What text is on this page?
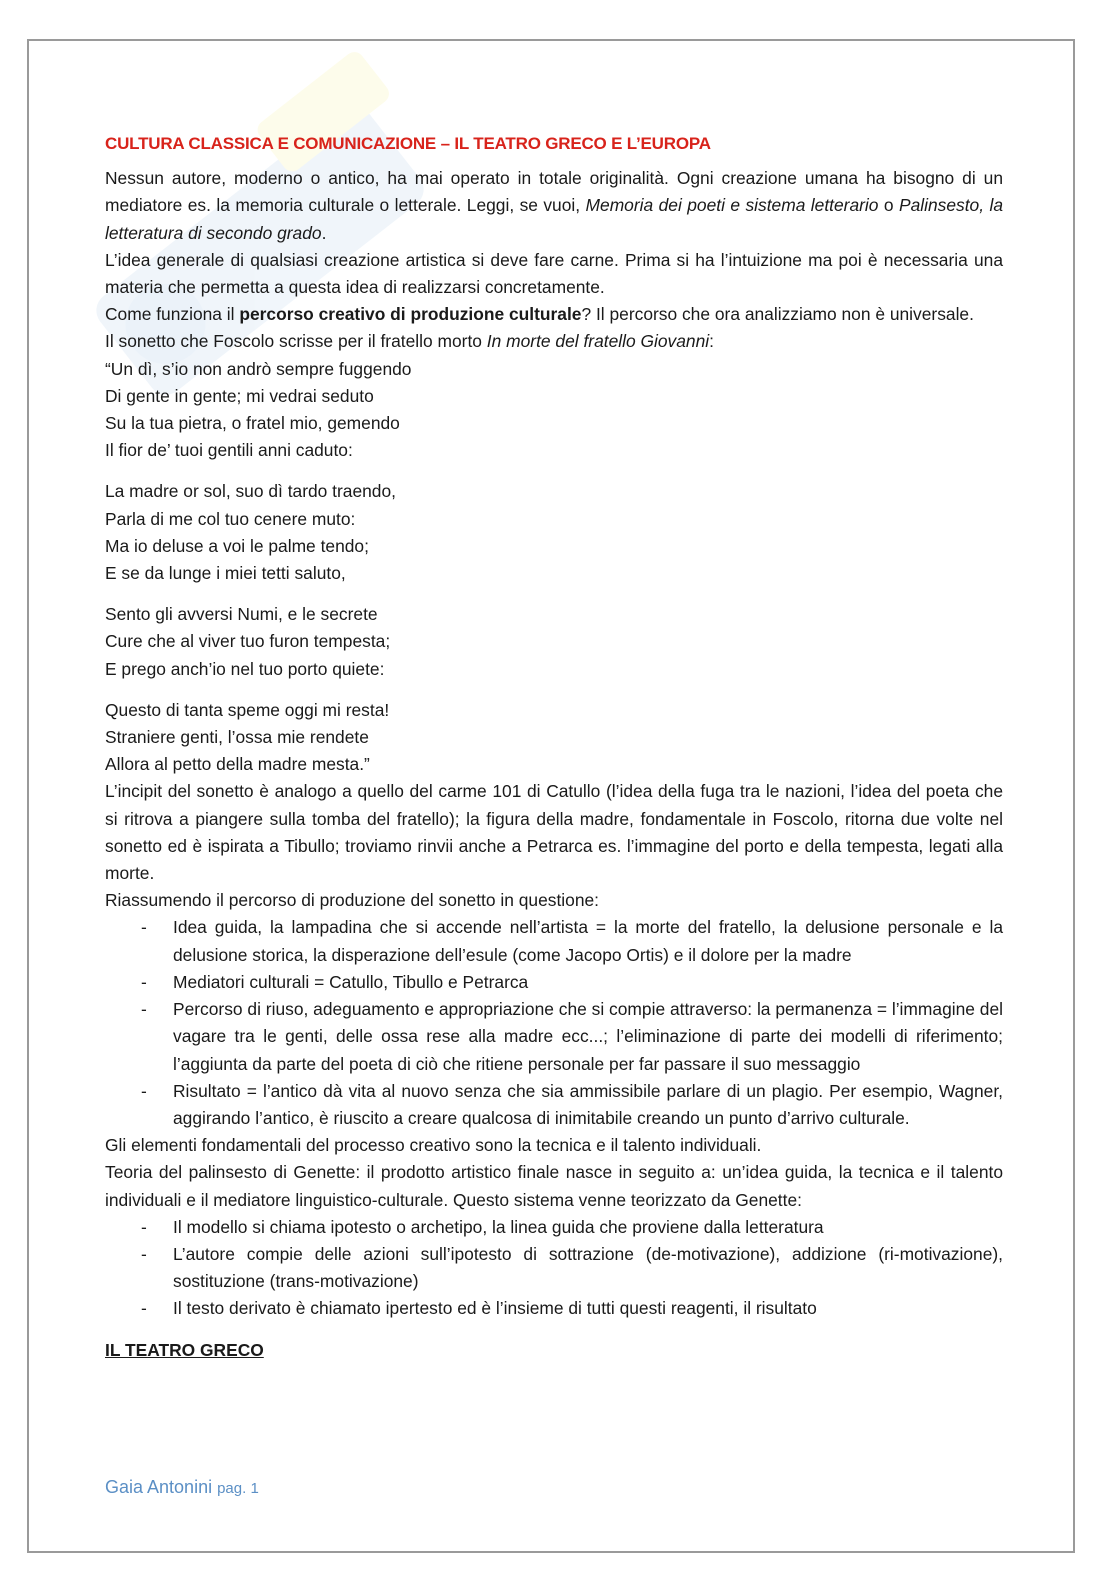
CULTURA CLASSICA E COMUNICAZIONE – IL TEATRO GRECO E L’EUROPA

Nessun autore, moderno o antico, ha mai operato in totale originalità. Ogni creazione umana ha bisogno di un mediatore es. la memoria culturale o letterale. Leggi, se vuoi, Memoria dei poeti e sistema letterario o Palinsesto, la letteratura di secondo grado.

L’idea generale di qualsiasi creazione artistica si deve fare carne. Prima si ha l’intuizione ma poi è necessaria una materia che permetta a questa idea di realizzarsi concretamente.

Come funziona il percorso creativo di produzione culturale? Il percorso che ora analizziamo non è universale.

Il sonetto che Foscolo scrisse per il fratello morto In morte del fratello Giovanni:

“Un dì, s’io non andrò sempre fuggendo

Di gente in gente; mi vedrai seduto

Su la tua pietra, o fratel mio, gemendo

Il fior de’ tuoi gentili anni caduto:

La madre or sol, suo dì tardo traendo,

Parla di me col tuo cenere muto:

Ma io deluse a voi le palme tendo;

E se da lunge i miei tetti saluto,

Sento gli avversi Numi, e le secrete

Cure che al viver tuo furon tempesta;

E prego anch’io nel tuo porto quiete:

Questo di tanta speme oggi mi resta!

Straniere genti, l’ossa mie rendete

Allora al petto della madre mesta.”

L’incipit del sonetto è analogo a quello del carme 101 di Catullo (l’idea della fuga tra le nazioni, l’idea del poeta che si ritrova a piangere sulla tomba del fratello); la figura della madre, fondamentale in Foscolo, ritorna due volte nel sonetto ed è ispirata a Tibullo; troviamo rinvii anche a Petrarca es. l’immagine del porto e della tempesta, legati alla morte.

Riassumendo il percorso di produzione del sonetto in questione:

- Idea guida, la lampadina che si accende nell’artista = la morte del fratello, la delusione personale e la delusione storica, la disperazione dell’esule (come Jacopo Ortis) e il dolore per la madre
- Mediatori culturali = Catullo, Tibullo e Petrarca
- Percorso di riuso, adeguamento e appropriazione che si compie attraverso: la permanenza = l’immagine del vagare tra le genti, delle ossa rese alla madre ecc...; l’eliminazione di parte dei modelli di riferimento; l’aggiunta da parte del poeta di ciò che ritiene personale per far passare il suo messaggio
- Risultato = l’antico dà vita al nuovo senza che sia ammissibile parlare di un plagio. Per esempio, Wagner, aggirando l’antico, è riuscito a creare qualcosa di inimitabile creando un punto d’arrivo culturale.

Gli elementi fondamentali del processo creativo sono la tecnica e il talento individuali.

Teoria del palinsesto di Genette: il prodotto artistico finale nasce in seguito a: un’idea guida, la tecnica e il talento individuali e il mediatore linguistico-culturale. Questo sistema venne teorizzato da Genette:

- Il modello si chiama ipotesto o archetipo, la linea guida che proviene dalla letteratura
- L’autore compie delle azioni sull’ipotesto di sottrazione (de-motivazione), addizione (ri-motivazione), sostituzione (trans-motivazione)
- Il testo derivato è chiamato ipertesto ed è l’insieme di tutti questi reagenti, il risultato

IL TEATRO GRECO

Gaia Antonini pag. 1
